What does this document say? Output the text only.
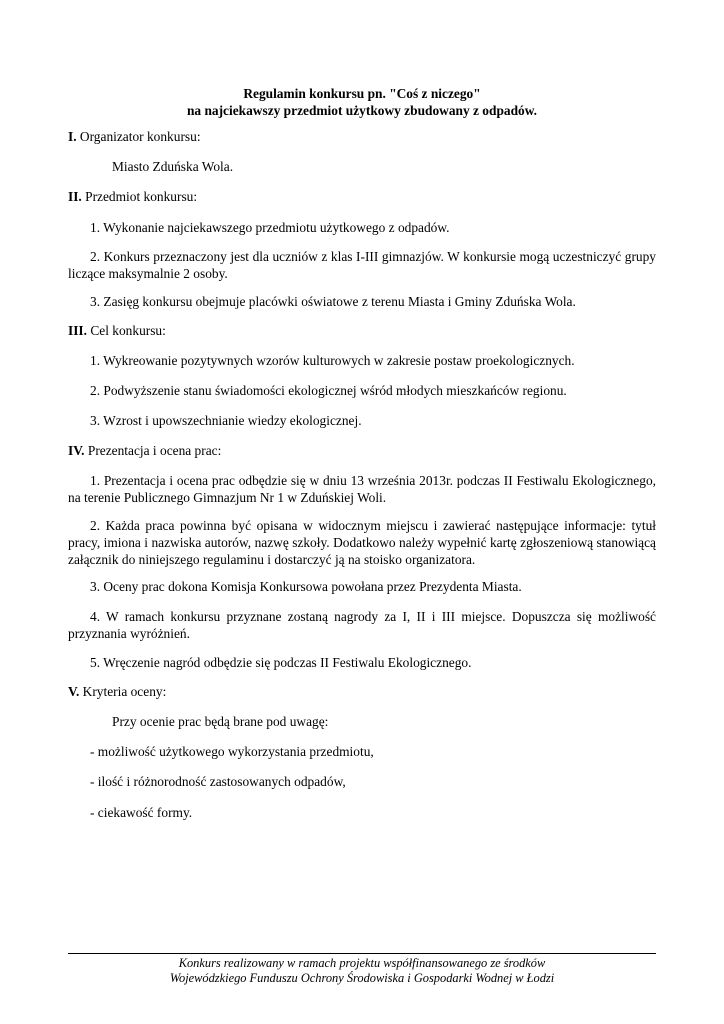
Regulamin konkursu pn. "Coś z niczego"
na najciekawszy przedmiot użytkowy zbudowany z odpadów.
I. Organizator konkursu:
Miasto Zduńska Wola.
II. Przedmiot konkursu:
1. Wykonanie najciekawszego przedmiotu użytkowego z odpadów.
2. Konkurs przeznaczony jest dla uczniów z klas I-III gimnazjów. W konkursie mogą uczestniczyć grupy liczące maksymalnie 2 osoby.
3. Zasięg konkursu obejmuje placówki oświatowe z terenu Miasta i Gminy Zduńska Wola.
III. Cel konkursu:
1. Wykreowanie pozytywnych wzorów kulturowych w zakresie postaw proekologicznych.
2. Podwyższenie stanu świadomości ekologicznej wśród młodych mieszkańców regionu.
3. Wzrost i upowszechnianie wiedzy ekologicznej.
IV. Prezentacja i ocena prac:
1. Prezentacja i ocena prac odbędzie się w dniu 13 września 2013r. podczas II Festiwalu Ekologicznego, na terenie Publicznego Gimnazjum Nr 1 w Zduńskiej Woli.
2. Każda praca powinna być opisana w widocznym miejscu i zawierać następujące informacje: tytuł pracy, imiona i nazwiska autorów, nazwę szkoły. Dodatkowo należy wypełnić kartę zgłoszeniową stanowiącą załącznik do niniejszego regulaminu i dostarczyć ją na stoisko organizatora.
3. Oceny prac dokona Komisja Konkursowa powołana przez Prezydenta Miasta.
4. W ramach konkursu przyznane zostaną nagrody za I, II i III miejsce. Dopuszcza się możliwość przyznania wyróżnień.
5. Wręczenie nagród odbędzie się podczas II Festiwalu Ekologicznego.
V. Kryteria oceny:
Przy ocenie prac będą brane pod uwagę:
- możliwość użytkowego wykorzystania przedmiotu,
- ilość i różnorodność zastosowanych odpadów,
- ciekawość formy.
Konkurs realizowany w ramach projektu współfinansowanego ze środków
Wojewódzkiego Funduszu Ochrony Środowiska i Gospodarki Wodnej w Łodzi
